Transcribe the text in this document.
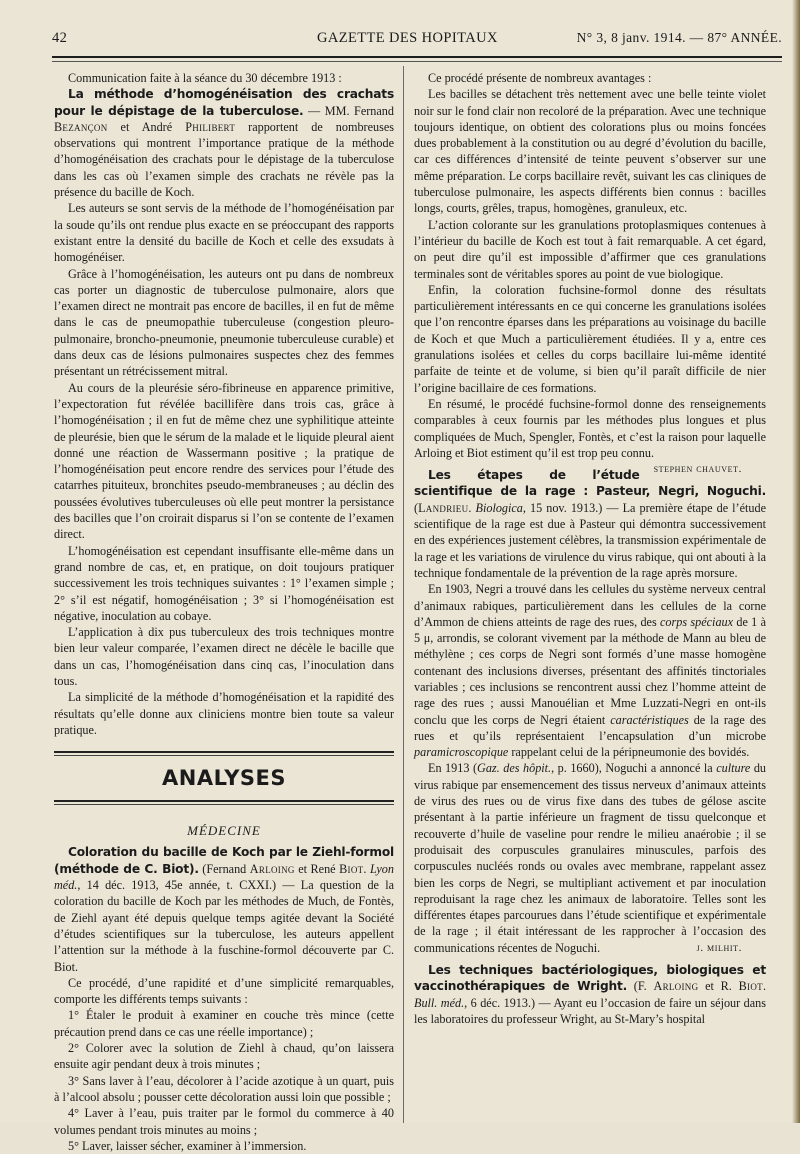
42	GAZETTE DES HOPITAUX	N° 3, 8 janv. 1914. — 87° ANNÉE.

Communication faite à la séance du 30 décembre 1913 :

La méthode d’homogénéisation des crachats pour le dépistage de la tuberculose. — MM. Fernand Bezançon et André Philibert rapportent de nombreuses observations qui montrent l’importance pratique de la méthode d’homogénéisation des crachats pour le dépistage de la tuberculose dans les cas où l’examen simple des crachats ne révèle pas la présence du bacille de Koch.

Les auteurs se sont servis de la méthode de l’homogénéisation par la soude qu’ils ont rendue plus exacte en se préoccupant des rapports existant entre la densité du bacille de Koch et celle des exsudats à homogénéiser.

Grâce à l’homogénéisation, les auteurs ont pu dans de nombreux cas porter un diagnostic de tuberculose pulmonaire, alors que l’examen direct ne montrait pas encore de bacilles, il en fut de même dans le cas de pneumopathie tuberculeuse (congestion pleuro-pulmonaire, broncho-pneumonie, pneumonie tuberculeuse curable) et dans deux cas de lésions pulmonaires suspectes chez des femmes présentant un rétrécissement mitral.

Au cours de la pleurésie séro-fibrineuse en apparence primitive, l’expectoration fut révélée bacillifère dans trois cas, grâce à l’homogénéisation ; il en fut de même chez une syphilitique atteinte de pleurésie, bien que le sérum de la malade et le liquide pleural aient donné une réaction de Wassermann positive ; la pratique de l’homogénéisation peut encore rendre des services pour l’étude des catarrhes pituiteux, bronchites pseudo-membraneuses ; au déclin des poussées évolutives tuberculeuses où elle peut montrer la persistance des bacilles que l’on croirait disparus si l’on se contente de l’examen direct.

L’homogénéisation est cependant insuffisante elle-même dans un grand nombre de cas, et, en pratique, on doit toujours pratiquer successivement les trois techniques suivantes : 1° l’examen simple ; 2° s’il est négatif, homogénéisation ; 3° si l’homogénéisation est négative, inoculation au cobaye.

L’application à dix pus tuberculeux des trois techniques montre bien leur valeur comparée, l’examen direct ne décèle le bacille que dans un cas, l’homogénéisation dans cinq cas, l’inoculation dans tous.

La simplicité de la méthode d’homogénéisation et la rapidité des résultats qu’elle donne aux cliniciens montre bien toute sa valeur pratique.

ANALYSES
MÉDECINE

Coloration du bacille de Koch par le Ziehl-formol (méthode de C. Biot). (Fernand Arloing et René Biot. Lyon méd., 14 déc. 1913, 45e année, t. CXXI.) — La question de la coloration du bacille de Koch par les méthodes de Much, de Fontès, de Ziehl ayant été depuis quelque temps agitée devant la Société d’études scientifiques sur la tuberculose, les auteurs appellent l’attention sur la méthode à la fuschine-formol découverte par C. Biot.

Ce procédé, d’une rapidité et d’une simplicité remarquables, comporte les différents temps suivants :

1° Étaler le produit à examiner en couche très mince (cette précaution prend dans ce cas une réelle importance) ;

2° Colorer avec la solution de Ziehl à chaud, qu’on laissera ensuite agir pendant deux à trois minutes ;

3° Sans laver à l’eau, décolorer à l’acide azotique à un quart, puis à l’alcool absolu ; pousser cette décoloration aussi loin que possible ;

4° Laver à l’eau, puis traiter par le formol du commerce à 40 volumes pendant trois minutes au moins ;

5° Laver, laisser sécher, examiner à l’immersion.

Ce procédé présente de nombreux avantages :

Les bacilles se détachent très nettement avec une belle teinte violet noir sur le fond clair non recoloré de la préparation. Avec une technique toujours identique, on obtient des colorations plus ou moins foncées dues probablement à la constitution ou au degré d’évolution du bacille, car ces différences d’intensité de teinte peuvent s’observer sur une même préparation. Le corps bacillaire revêt, suivant les cas cliniques de tuberculose pulmonaire, les aspects différents bien connus : bacilles longs, courts, grêles, trapus, homogènes, granuleux, etc.

L’action colorante sur les granulations protoplasmiques contenues à l’intérieur du bacille de Koch est tout à fait remarquable. A cet égard, on peut dire qu’il est impossible d’affirmer que ces granulations terminales sont de véritables spores au point de vue biologique.

Enfin, la coloration fuchsine-formol donne des résultats particulièrement intéressants en ce qui concerne les granulations isolées que l’on rencontre éparses dans les préparations au voisinage du bacille de Koch et que Much a particulièrement étudiées. Il y a, entre ces granulations isolées et celles du corps bacillaire lui-même identité parfaite de teinte et de volume, si bien qu’il paraît difficile de nier l’origine bacillaire de ces formations.

En résumé, le procédé fuchsine-formol donne des renseignements comparables à ceux fournis par les méthodes plus longues et plus compliquées de Much, Spengler, Fontès, et c’est la raison pour laquelle Arloing et Biot estiment qu’il est trop peu connu.
stephen chauvet.

Les étapes de l’étude scientifique de la rage : Pasteur, Negri, Noguchi. (Landrieu. Biologica, 15 nov. 1913.) — La première étape de l’étude scientifique de la rage est due à Pasteur qui démontra successivement en des expériences justement célèbres, la transmission expérimentale de la rage et les variations de virulence du virus rabique, qui ont abouti à la technique fondamentale de la prévention de la rage après morsure.

En 1903, Negri a trouvé dans les cellules du système nerveux central d’animaux rabiques, particulièrement dans les cellules de la corne d’Ammon de chiens atteints de rage des rues, des corps spéciaux de 1 à 5 μ, arrondis, se colorant vivement par la méthode de Mann au bleu de méthylène ; ces corps de Negri sont formés d’une masse homogène contenant des inclusions diverses, présentant des affinités tinctoriales variables ; ces inclusions se rencontrent aussi chez l’homme atteint de rage des rues ; aussi Manouélian et Mme Luzzati-Negri en ont-ils conclu que les corps de Negri étaient caractéristiques de la rage des rues et qu’ils représentaient l’encapsulation d’un microbe paramicroscopique rappelant celui de la péripneumonie des bovidés.

En 1913 (Gaz. des hôpit., p. 1660), Noguchi a annoncé la culture du virus rabique par ensemencement des tissus nerveux d’animaux atteints de virus des rues ou de virus fixe dans des tubes de gélose ascite présentant à la partie inférieure un fragment de tissu quelconque et recouverte d’huile de vaseline pour rendre le milieu anaérobie ; il se produisait des corpuscules granulaires minuscules, parfois des corpuscules nucléés ronds ou ovales avec membrane, rappelant assez bien les corps de Negri, se multipliant activement et par inoculation reproduisant la rage chez les animaux de laboratoire. Telles sont les différentes étapes parcourues dans l’étude scientifique et expérimentale de la rage ; il était intéressant de les rapprocher à l’occasion des communications récentes de Noguchi.	j. milhit.

Les techniques bactériologiques, biologiques et vaccinothérapiques de Wright. (F. Arloing et R. Biot. Bull. méd., 6 déc. 1913.) — Ayant eu l’occasion de faire un séjour dans les laboratoires du professeur Wright, au St-Mary’s hospital
